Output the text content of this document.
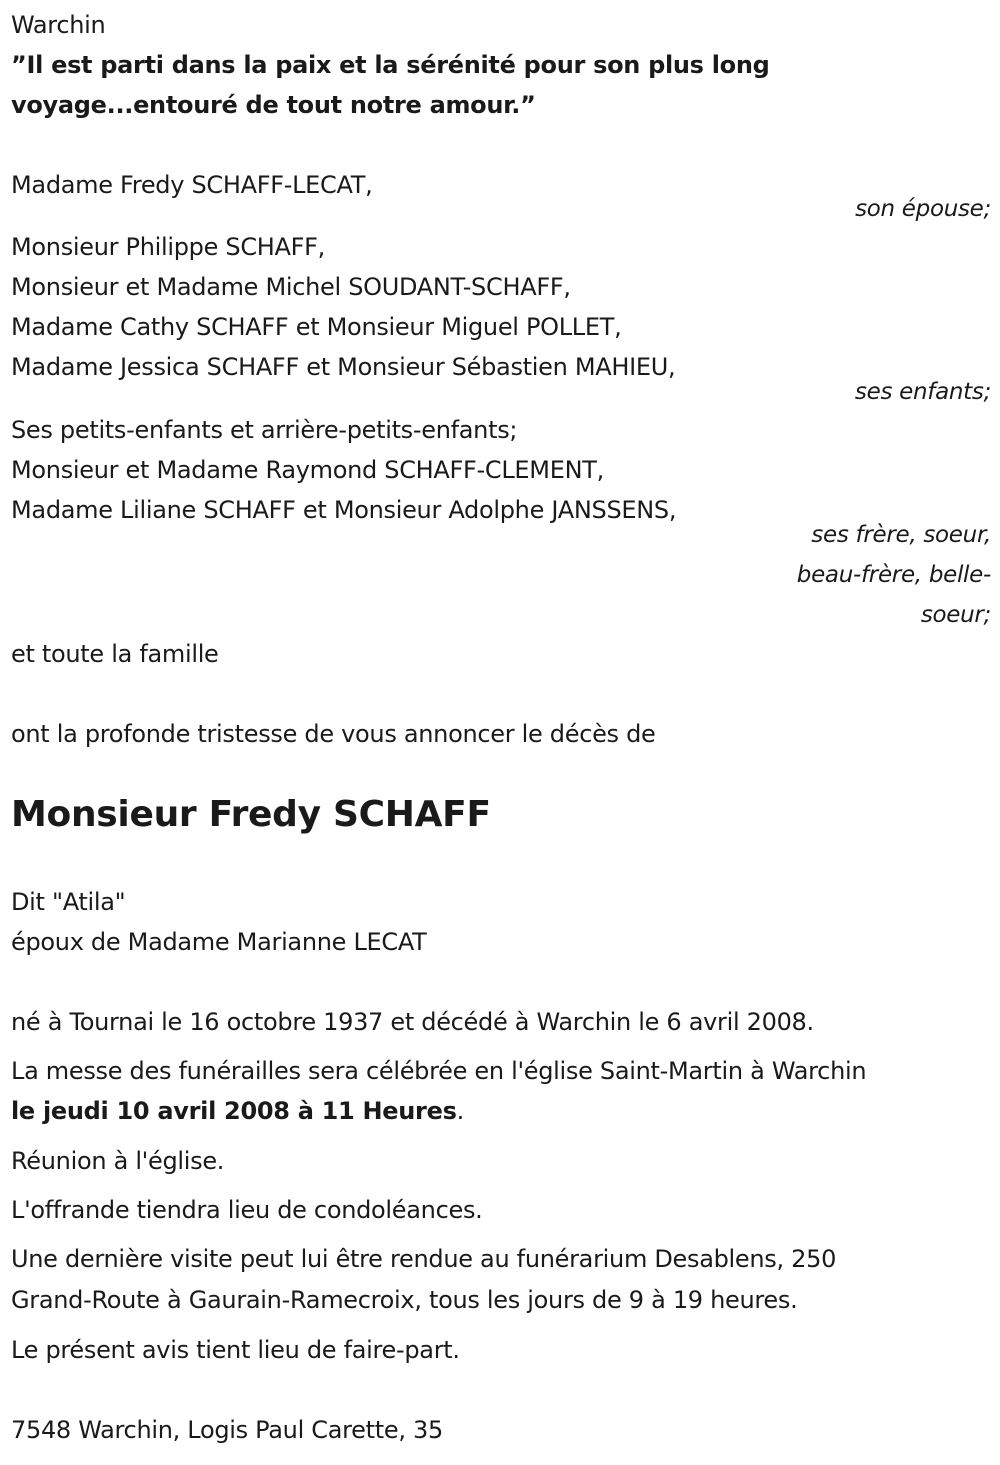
Warchin
”Il est parti dans la paix et la sérénité pour son plus long
voyage...entouré de tout notre amour.”
Madame Fredy SCHAFF-LECAT,
son épouse;
Monsieur Philippe SCHAFF,
Monsieur et Madame Michel SOUDANT-SCHAFF,
Madame Cathy SCHAFF et Monsieur Miguel POLLET,
Madame Jessica SCHAFF et Monsieur Sébastien MAHIEU,
ses enfants;
Ses petits-enfants et arrière-petits-enfants;
Monsieur et Madame Raymond SCHAFF-CLEMENT,
Madame Liliane SCHAFF et Monsieur Adolphe JANSSENS,
ses frère, soeur,
beau-frère, belle-
soeur;
et toute la famille
ont la profonde tristesse de vous annoncer le décès de
Monsieur Fredy SCHAFF
Dit "Atila"
époux de Madame Marianne LECAT
né à Tournai le 16 octobre 1937 et décédé à Warchin le 6 avril 2008.
La messe des funérailles sera célébrée en l'église Saint-Martin à Warchin
le jeudi 10 avril 2008 à 11 Heures.
Réunion à l'église.
L'offrande tiendra lieu de condoléances.
Une dernière visite peut lui être rendue au funérarium Desablens, 250
Grand-Route à Gaurain-Ramecroix, tous les jours de 9 à 19 heures.
Le présent avis tient lieu de faire-part.
7548 Warchin, Logis Paul Carette, 35
